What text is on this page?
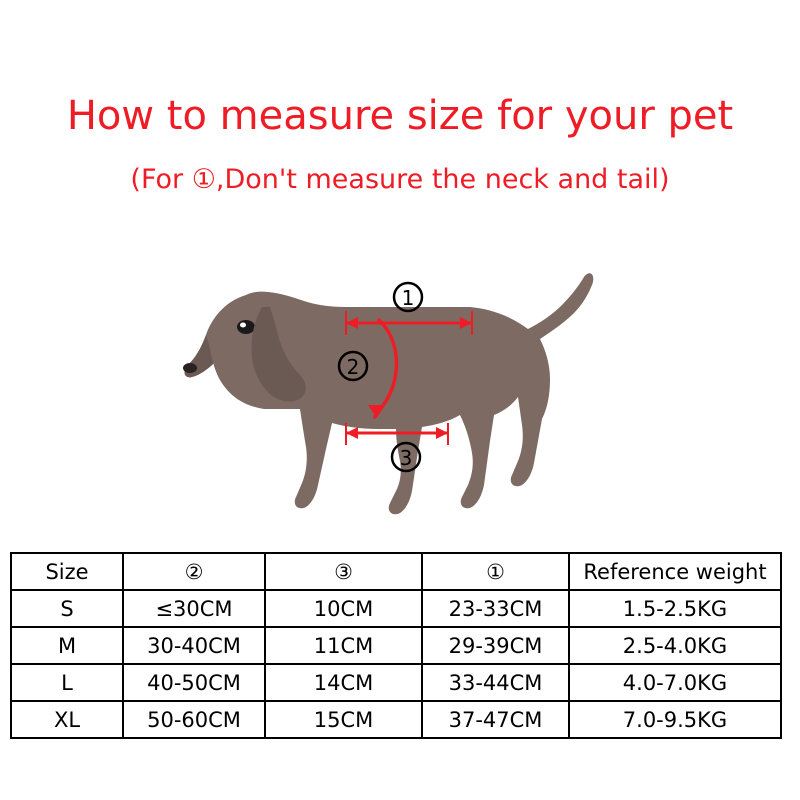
How to measure size for your pet
(For ①,Don't measure the neck and tail)
1
2
3
Size	②	③	①	Reference weight
S	≤30CM	10CM	23-33CM	1.5-2.5KG
M	30-40CM	11CM	29-39CM	2.5-4.0KG
L	40-50CM	14CM	33-44CM	4.0-7.0KG
XL	50-60CM	15CM	37-47CM	7.0-9.5KG
